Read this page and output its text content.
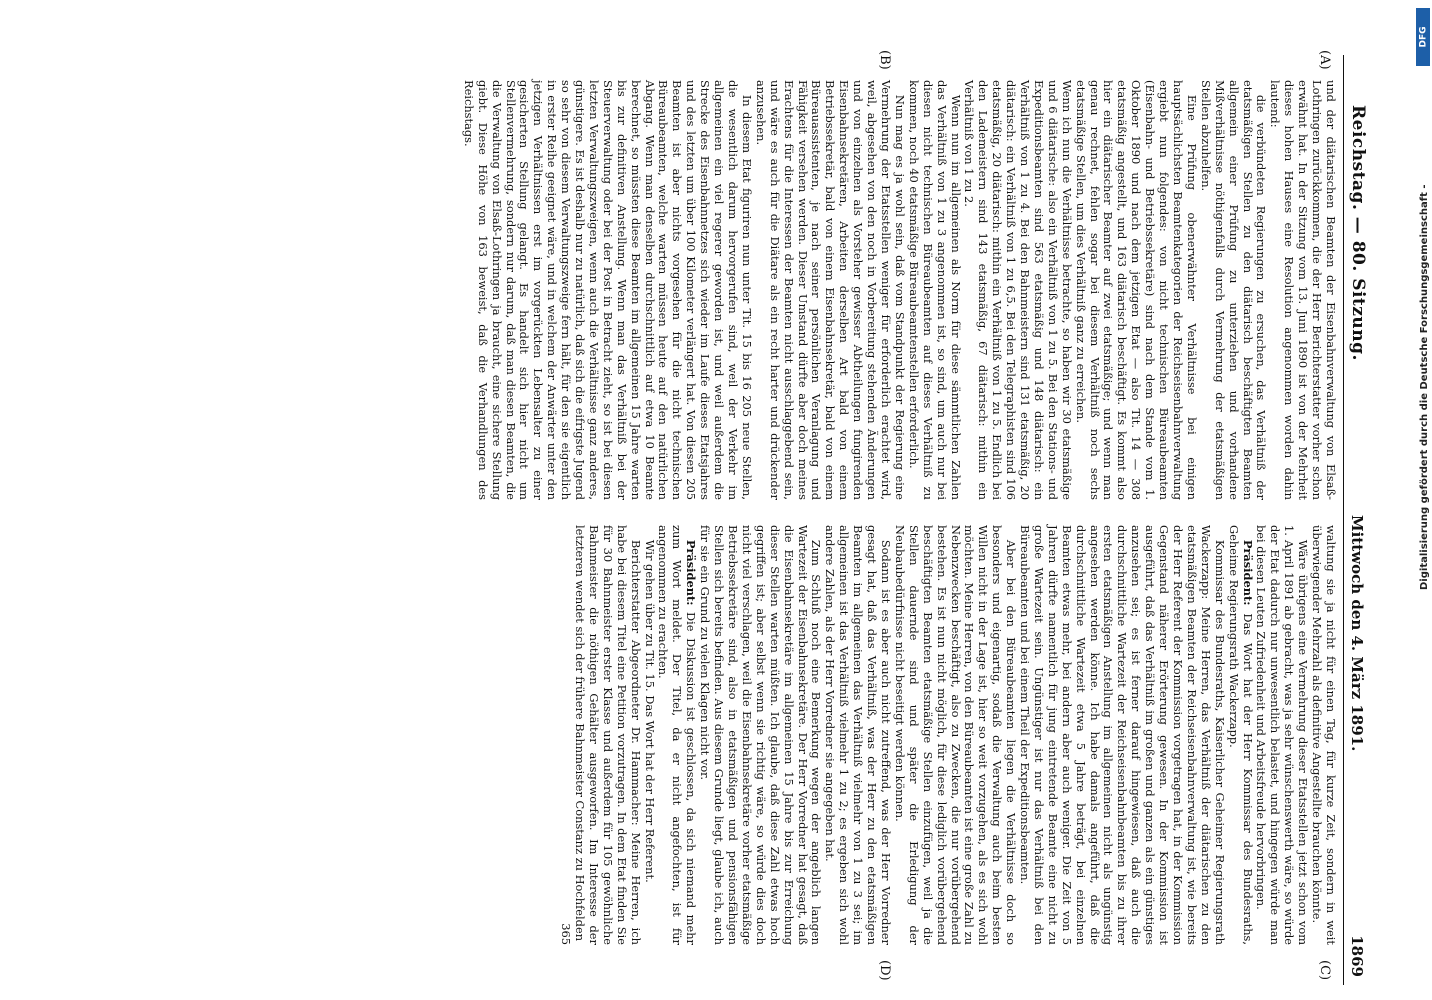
Reichstag. — 80. Sitzung.
Mittwoch den 4. März 1891.
1869
(A)
(B)
(C)
(D)

und der diätarischen Beamten der Eisenbahnverwaltung von Elsaß-Lothringen zurückkommen, die der Herr Berichterstatter vorher schon erwähnt hat. In der Sitzung vom 13. Juni 1890 ist von der Mehrheit dieses hohen Hauses eine Resolution angenommen worden dahin lautend:

die verbündeten Regierungen zu ersuchen, das Verhältniß der etatsmäßigen Stellen zu den diätarisch beschäftigten Beamten allgemein einer Prüfung zu unterziehen und vorhandene Mißverhältnisse nöthigenfalls durch Vermehrung der etatsmäßigen Stellen abzuhelfen.

Eine Prüfung obenerwähnter Verhältnisse bei einigen hauptsächlichsten Beamtenkategorien der Reichseisenbahnverwaltung ergiebt nun folgendes: von nicht technischen Büreaubeamten (Eisenbahn- und Betriebssekretäre) sind nach dem Stande vom 1. Oktober 1890 und nach dem jetzigen Etat — also Tit. 14 — 308 etatsmäßig angestellt, und 163 diätarisch beschäftigt. Es kommt also hier ein diätarischer Beamter auf zwei etatsmäßige; und wenn man genau rechnet, fehlen sogar bei diesem Verhältniß noch sechs etatsmäßige Stellen, um dies Verhältniß ganz zu erreichen.

Wenn ich nun die Verhältnisse betrachte, so haben wir 30 etatsmäßige und 6 diätarische: also ein Verhältniß von 1 zu 5. Bei den Stations- und Expeditionsbeamten sind 563 etatsmäßig und 148 diätarisch: ein Verhältniß von 1 zu 4. Bei den Bahnmeistern sind 131 etatsmäßig, 20 diätarisch: ein Verhältniß von 1 zu 6,5. Bei den Telegraphisten sind 106 etatsmäßig, 20 diätarisch: mithin ein Verhältniß von 1 zu 5. Endlich bei den Lademeistern sind 143 etatsmäßig, 67 diätarisch: mithin ein Verhältniß von 1 zu 2.

Wenn nun im allgemeinen als Norm für diese sämmtlichen Zahlen das Verhältniß von 1 zu 3 angenommen ist, so sind, um auch nur bei diesen nicht technischen Büreaubeamten auf dieses Verhältniß zu kommen, noch 40 etatsmäßige Büreaubeamtenstellen erforderlich.

Nun mag es ja wohl sein, daß vom Standpunkt der Regierung eine Vermehrung der Etatsstellen weniger für erforderlich erachtet wird, weil, abgesehen von den noch in Vorbereitung stehenden Änderungen und von einzelnen als Vorsteher gewisser Abtheilungen fungirenden Eisenbahnsekretären, Arbeiten derselben Art bald von einem Betriebssekretär, bald von einem Eisenbahnsekretär, bald von einem Büreauassistenten, je nach seiner persönlichen Veranlagung und Fähigkeit versehen werden. Dieser Umstand dürfte aber doch meines Erachtens für die Interessen der Beamten nicht ausschlaggebend sein, und wäre es auch für die Diätare als ein recht harter und drückender anzusehen.

In diesem Etat figuriren nun unter Tit. 15 bis 16 205 neue Stellen, die wesentlich darum hervorgerufen sind, weil der Verkehr im allgemeinen ein viel regerer geworden ist, und weil außerdem die Strecke des Eisenbahnnetzes sich wieder im Laufe dieses Etatsjahres und des letzten um über 100 Kilometer verlängert hat. Von diesen 205 Beamten ist aber nichts vorgesehen für die nicht technischen Büreaubeamten, welche warten müssen heute auf den natürlichen Abgang. Wenn man denselben durchschnittlich auf etwa 10 Beamte berechnet, so müssten diese Beamten im allgemeinen 15 Jahre warten bis zur definitiven Anstellung. Wenn man das Verhältniß bei der Steuerverwaltung oder bei der Post in Betracht zieht, so ist bei diesen letzten Verwaltungszweigen, wenn auch die Verhältnisse ganz anderes, günstigere. Es ist deshalb nur zu natürlich, daß sich die eifrigste Jugend so sehr von diesem Verwaltungszweige fern hält, für den sie eigentlich in erster Reihe geeignet wäre, und in welchem der Anwärter unter den jetzigen Verhältnissen erst im vorgerückten Lebensalter zu einer gesicherten Stellung gelangt. Es handelt sich hier nicht um Stellenvermehrung, sondern nur darum, daß man diesen Beamten, die die Verwaltung von Elsaß-Lothringen ja braucht, eine sichere Stellung giebt. Diese Höhe von 163 beweist, daß die Verhandlungen des Reichstags.

waltung sie ja nicht für einen Tag, für kurze Zeit, sondern in weit überwiegender Mehrzahl als definitive Angestellte brauchen könnte.

Wäre übrigens eine Vermehrung dieser Etatsstellen jetzt schon vom 1. April 1891 ab gebracht, was ja sehr wünschenswerth wäre, so würde der Etat dadurch nur unwesentlich belastet, und hingegen würde man bei diesen Leuten Zufriedenheit und Arbeitsfreude hervorbringen.

Präsident: Das Wort hat der Herr Kommissar des Bundesraths, Geheime Regierungsrath Wackerzapp.

Kommissar des Bundesraths, Kaiserlicher Geheimer Regierungsrath Wackerzapp: Meine Herren, das Verhältniß der diätarischen zu den etatsmäßigen Beamten der Reichseisenbahnverwaltung ist, wie bereits der Herr Referent der Kommission vorgetragen hat, in der Kommission Gegenstand näherer Erörterung gewesen. In der Kommission ist ausgeführt, daß das Verhältniß im großen und ganzen als ein günstiges anzusehen sei; es ist ferner darauf hingewiesen, daß auch die durchschnittliche Wartezeit der Reichseisenbahnbeamten bis zu ihrer ersten etatsmäßigen Anstellung im allgemeinen nicht als ungünstig angesehen werden könne. Ich habe damals angeführt, daß die durchschnittliche Wartezeit etwa 5 Jahre beträgt, bei einzelnen Beamten etwas mehr, bei andern aber auch weniger. Die Zeit von 5 Jahren dürfte namentlich für jung eintretende Beamte eine nicht zu große Wartezeit sein. Ungünstiger ist nur das Verhältniß bei den Büreaubeamten und bei einem Theil der Expeditionsbeamten.

Aber bei den Büreaubeamten liegen die Verhältnisse doch so besonders und eigenartig, sodaß die Verwaltung auch beim besten Willen nicht in der Lage ist, hier so weit vorzugehen, als es sich wohl möchten. Meine Herren, von den Büreaubeamten ist eine große Zahl zu Nebenzwecken beschäftigt, also zu Zwecken, die nur vorübergehend bestehen. Es ist nun nicht möglich, für diese lediglich vorübergehend beschäftigten Beamten etatsmäßige Stellen einzufügen, weil ja die Stellen dauernde sind und später die Erledigung der Neubaubedürfnisse nicht beseitigt werden können.

Sodann ist es aber auch nicht zutreffend, was der Herr Vorredner gesagt hat, daß das Verhältniß, was der Herr zu den etatsmäßigen Beamten im allgemeinen das Verhältniß vielmehr von 1 zu 3 sei; im allgemeinen ist das Verhältniß vielmehr 1 zu 2; es ergeben sich wohl andere Zahlen, als der Herr Vorredner sie angegeben hat.

Zum Schluß noch eine Bemerkung wegen der angeblich langen Wartezeit der Eisenbahnsekretäre. Der Herr Vorredner hat gesagt, daß die Eisenbahnsekretäre im allgemeinen 15 Jahre bis zur Erreichung dieser Stellen warten müßten. Ich glaube, daß diese Zahl etwas hoch gegriffen ist; aber selbst wenn sie richtig wäre, so würde dies doch nicht viel verschlagen, weil die Eisenbahnsekretäre vorher etatsmäßige Betriebssekretäre sind, also in etatsmäßigen und pensionsfähigen Stellen sich bereits befinden. Aus diesem Grunde liegt, glaube ich, auch für sie ein Grund zu vielen Klagen nicht vor.

Präsident: Die Diskussion ist geschlossen, da sich niemand mehr zum Wort meldet. Der Titel, da er nicht angefochten, ist für angenommen zu erachten.

Wir gehen über zu Tit. 15. Das Wort hat der Herr Referent.

Berichterstatter Abgeordneter Dr. Hammacher: Meine Herren, ich habe bei diesem Titel eine Petition vorzutragen. In dem Etat finden Sie für 30 Bahnmeister erster Klasse und außerdem für 105 gewöhnliche Bahnmeister die nöthigen Gehälter ausgeworfen. Im Interesse der letzteren wendet sich der frühere Bahnmeister Constanz zu Hochfelden

365

DFG
Digitalisierung gefördert durch die Deutsche Forschungsgemeinschaft -
